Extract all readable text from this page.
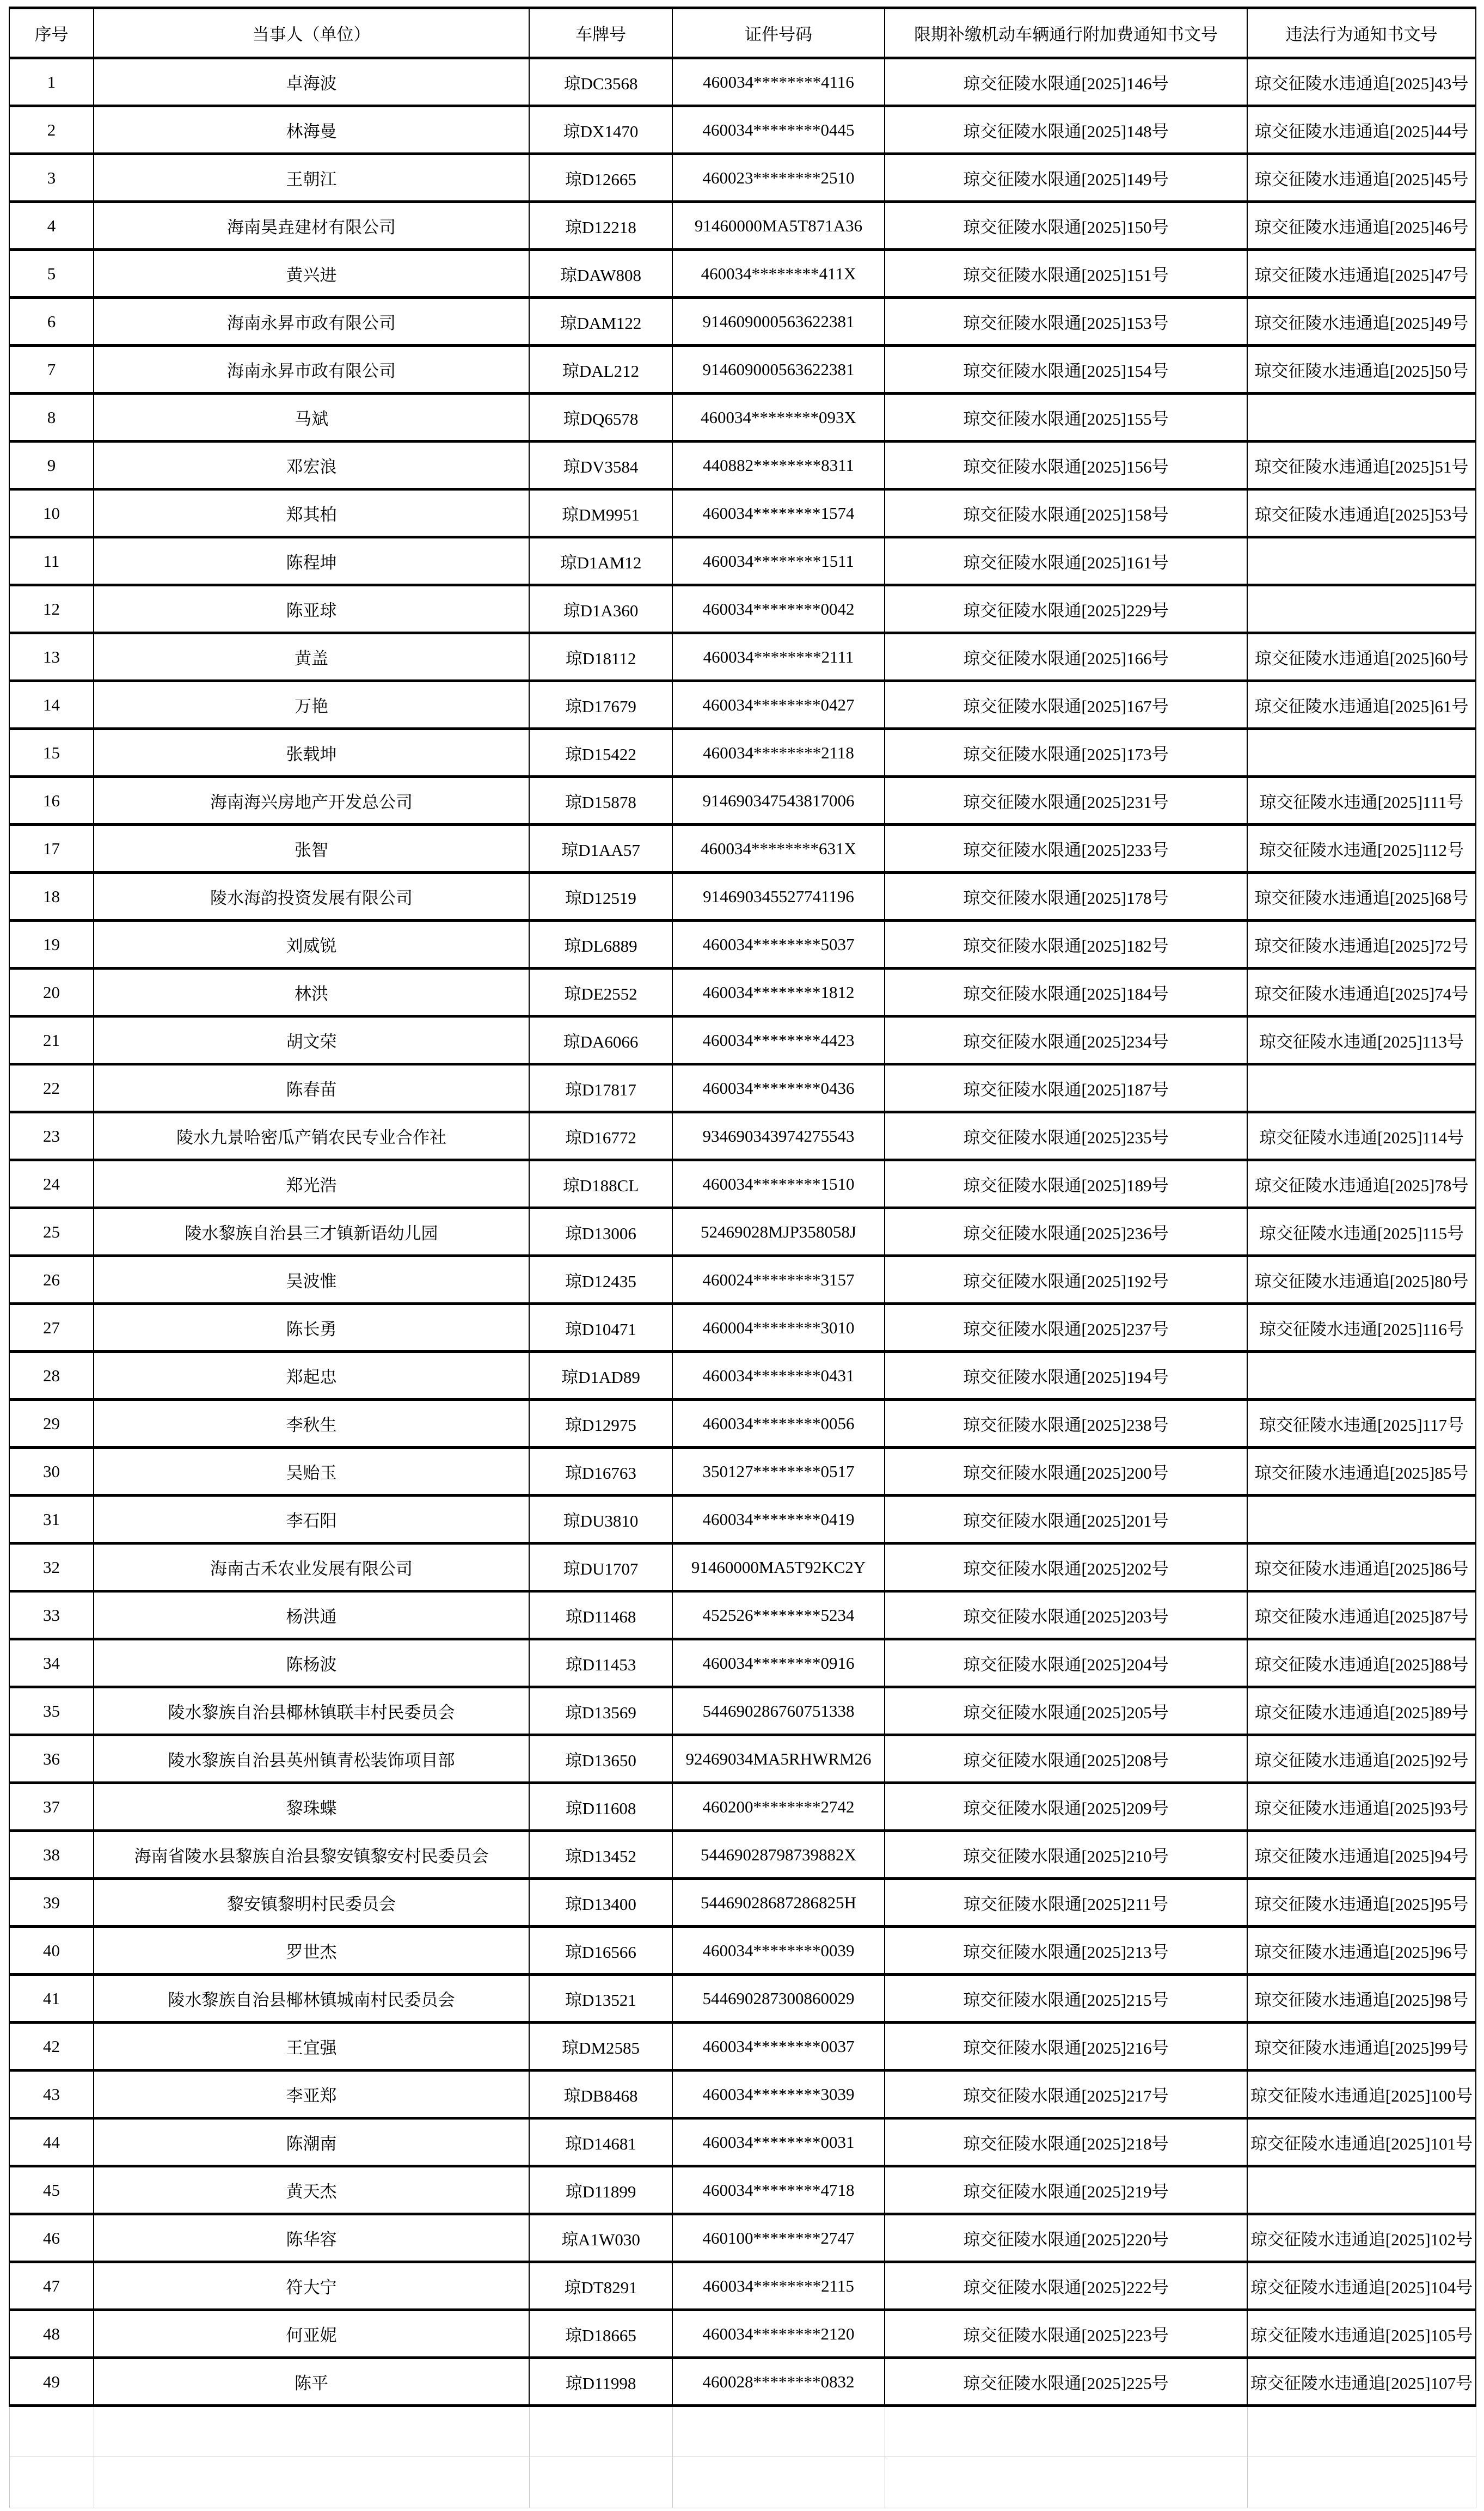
序号	当事人（单位）	车牌号	证件号码	限期补缴机动车辆通行附加费通知书文号	违法行为通知书文号
1	卓海波	琼DC3568	460034********4116	琼交征陵水限通[2025]146号	琼交征陵水违通追[2025]43号
2	林海曼	琼DX1470	460034********0445	琼交征陵水限通[2025]148号	琼交征陵水违通追[2025]44号
3	王朝江	琼D12665	460023********2510	琼交征陵水限通[2025]149号	琼交征陵水违通追[2025]45号
4	海南昊垚建材有限公司	琼D12218	91460000MA5T871A36	琼交征陵水限通[2025]150号	琼交征陵水违通追[2025]46号
5	黄兴进	琼DAW808	460034********411X	琼交征陵水限通[2025]151号	琼交征陵水违通追[2025]47号
6	海南永昇市政有限公司	琼DAM122	914609000563622381	琼交征陵水限通[2025]153号	琼交征陵水违通追[2025]49号
7	海南永昇市政有限公司	琼DAL212	914609000563622381	琼交征陵水限通[2025]154号	琼交征陵水违通追[2025]50号
8	马斌	琼DQ6578	460034********093X	琼交征陵水限通[2025]155号	
9	邓宏浪	琼DV3584	440882********8311	琼交征陵水限通[2025]156号	琼交征陵水违通追[2025]51号
10	郑其柏	琼DM9951	460034********1574	琼交征陵水限通[2025]158号	琼交征陵水违通追[2025]53号
11	陈程坤	琼D1AM12	460034********1511	琼交征陵水限通[2025]161号	
12	陈亚球	琼D1A360	460034********0042	琼交征陵水限通[2025]229号	
13	黄盖	琼D18112	460034********2111	琼交征陵水限通[2025]166号	琼交征陵水违通追[2025]60号
14	万艳	琼D17679	460034********0427	琼交征陵水限通[2025]167号	琼交征陵水违通追[2025]61号
15	张载坤	琼D15422	460034********2118	琼交征陵水限通[2025]173号	
16	海南海兴房地产开发总公司	琼D15878	914690347543817006	琼交征陵水限通[2025]231号	琼交征陵水违通[2025]111号
17	张智	琼D1AA57	460034********631X	琼交征陵水限通[2025]233号	琼交征陵水违通[2025]112号
18	陵水海韵投资发展有限公司	琼D12519	914690345527741196	琼交征陵水限通[2025]178号	琼交征陵水违通追[2025]68号
19	刘威锐	琼DL6889	460034********5037	琼交征陵水限通[2025]182号	琼交征陵水违通追[2025]72号
20	林洪	琼DE2552	460034********1812	琼交征陵水限通[2025]184号	琼交征陵水违通追[2025]74号
21	胡文荣	琼DA6066	460034********4423	琼交征陵水限通[2025]234号	琼交征陵水违通[2025]113号
22	陈春苗	琼D17817	460034********0436	琼交征陵水限通[2025]187号	
23	陵水九景哈密瓜产销农民专业合作社	琼D16772	934690343974275543	琼交征陵水限通[2025]235号	琼交征陵水违通[2025]114号
24	郑光浩	琼D188CL	460034********1510	琼交征陵水限通[2025]189号	琼交征陵水违通追[2025]78号
25	陵水黎族自治县三才镇新语幼儿园	琼D13006	52469028MJP358058J	琼交征陵水限通[2025]236号	琼交征陵水违通[2025]115号
26	吴波惟	琼D12435	460024********3157	琼交征陵水限通[2025]192号	琼交征陵水违通追[2025]80号
27	陈长勇	琼D10471	460004********3010	琼交征陵水限通[2025]237号	琼交征陵水违通[2025]116号
28	郑起忠	琼D1AD89	460034********0431	琼交征陵水限通[2025]194号	
29	李秋生	琼D12975	460034********0056	琼交征陵水限通[2025]238号	琼交征陵水违通[2025]117号
30	吴贻玉	琼D16763	350127********0517	琼交征陵水限通[2025]200号	琼交征陵水违通追[2025]85号
31	李石阳	琼DU3810	460034********0419	琼交征陵水限通[2025]201号	
32	海南古禾农业发展有限公司	琼DU1707	91460000MA5T92KC2Y	琼交征陵水限通[2025]202号	琼交征陵水违通追[2025]86号
33	杨洪通	琼D11468	452526********5234	琼交征陵水限通[2025]203号	琼交征陵水违通追[2025]87号
34	陈杨波	琼D11453	460034********0916	琼交征陵水限通[2025]204号	琼交征陵水违通追[2025]88号
35	陵水黎族自治县椰林镇联丰村民委员会	琼D13569	544690286760751338	琼交征陵水限通[2025]205号	琼交征陵水违通追[2025]89号
36	陵水黎族自治县英州镇青松装饰项目部	琼D13650	92469034MA5RHWRM26	琼交征陵水限通[2025]208号	琼交征陵水违通追[2025]92号
37	黎珠蝶	琼D11608	460200********2742	琼交征陵水限通[2025]209号	琼交征陵水违通追[2025]93号
38	海南省陵水县黎族自治县黎安镇黎安村民委员会	琼D13452	54469028798739882X	琼交征陵水限通[2025]210号	琼交征陵水违通追[2025]94号
39	黎安镇黎明村民委员会	琼D13400	54469028687286825H	琼交征陵水限通[2025]211号	琼交征陵水违通追[2025]95号
40	罗世杰	琼D16566	460034********0039	琼交征陵水限通[2025]213号	琼交征陵水违通追[2025]96号
41	陵水黎族自治县椰林镇城南村民委员会	琼D13521	544690287300860029	琼交征陵水限通[2025]215号	琼交征陵水违通追[2025]98号
42	王宜强	琼DM2585	460034********0037	琼交征陵水限通[2025]216号	琼交征陵水违通追[2025]99号
43	李亚郑	琼DB8468	460034********3039	琼交征陵水限通[2025]217号	琼交征陵水违通追[2025]100号
44	陈潮南	琼D14681	460034********0031	琼交征陵水限通[2025]218号	琼交征陵水违通追[2025]101号
45	黄天杰	琼D11899	460034********4718	琼交征陵水限通[2025]219号	
46	陈华容	琼A1W030	460100********2747	琼交征陵水限通[2025]220号	琼交征陵水违通追[2025]102号
47	符大宁	琼DT8291	460034********2115	琼交征陵水限通[2025]222号	琼交征陵水违通追[2025]104号
48	何亚妮	琼D18665	460034********2120	琼交征陵水限通[2025]223号	琼交征陵水违通追[2025]105号
49	陈平	琼D11998	460028********0832	琼交征陵水限通[2025]225号	琼交征陵水违通追[2025]107号
